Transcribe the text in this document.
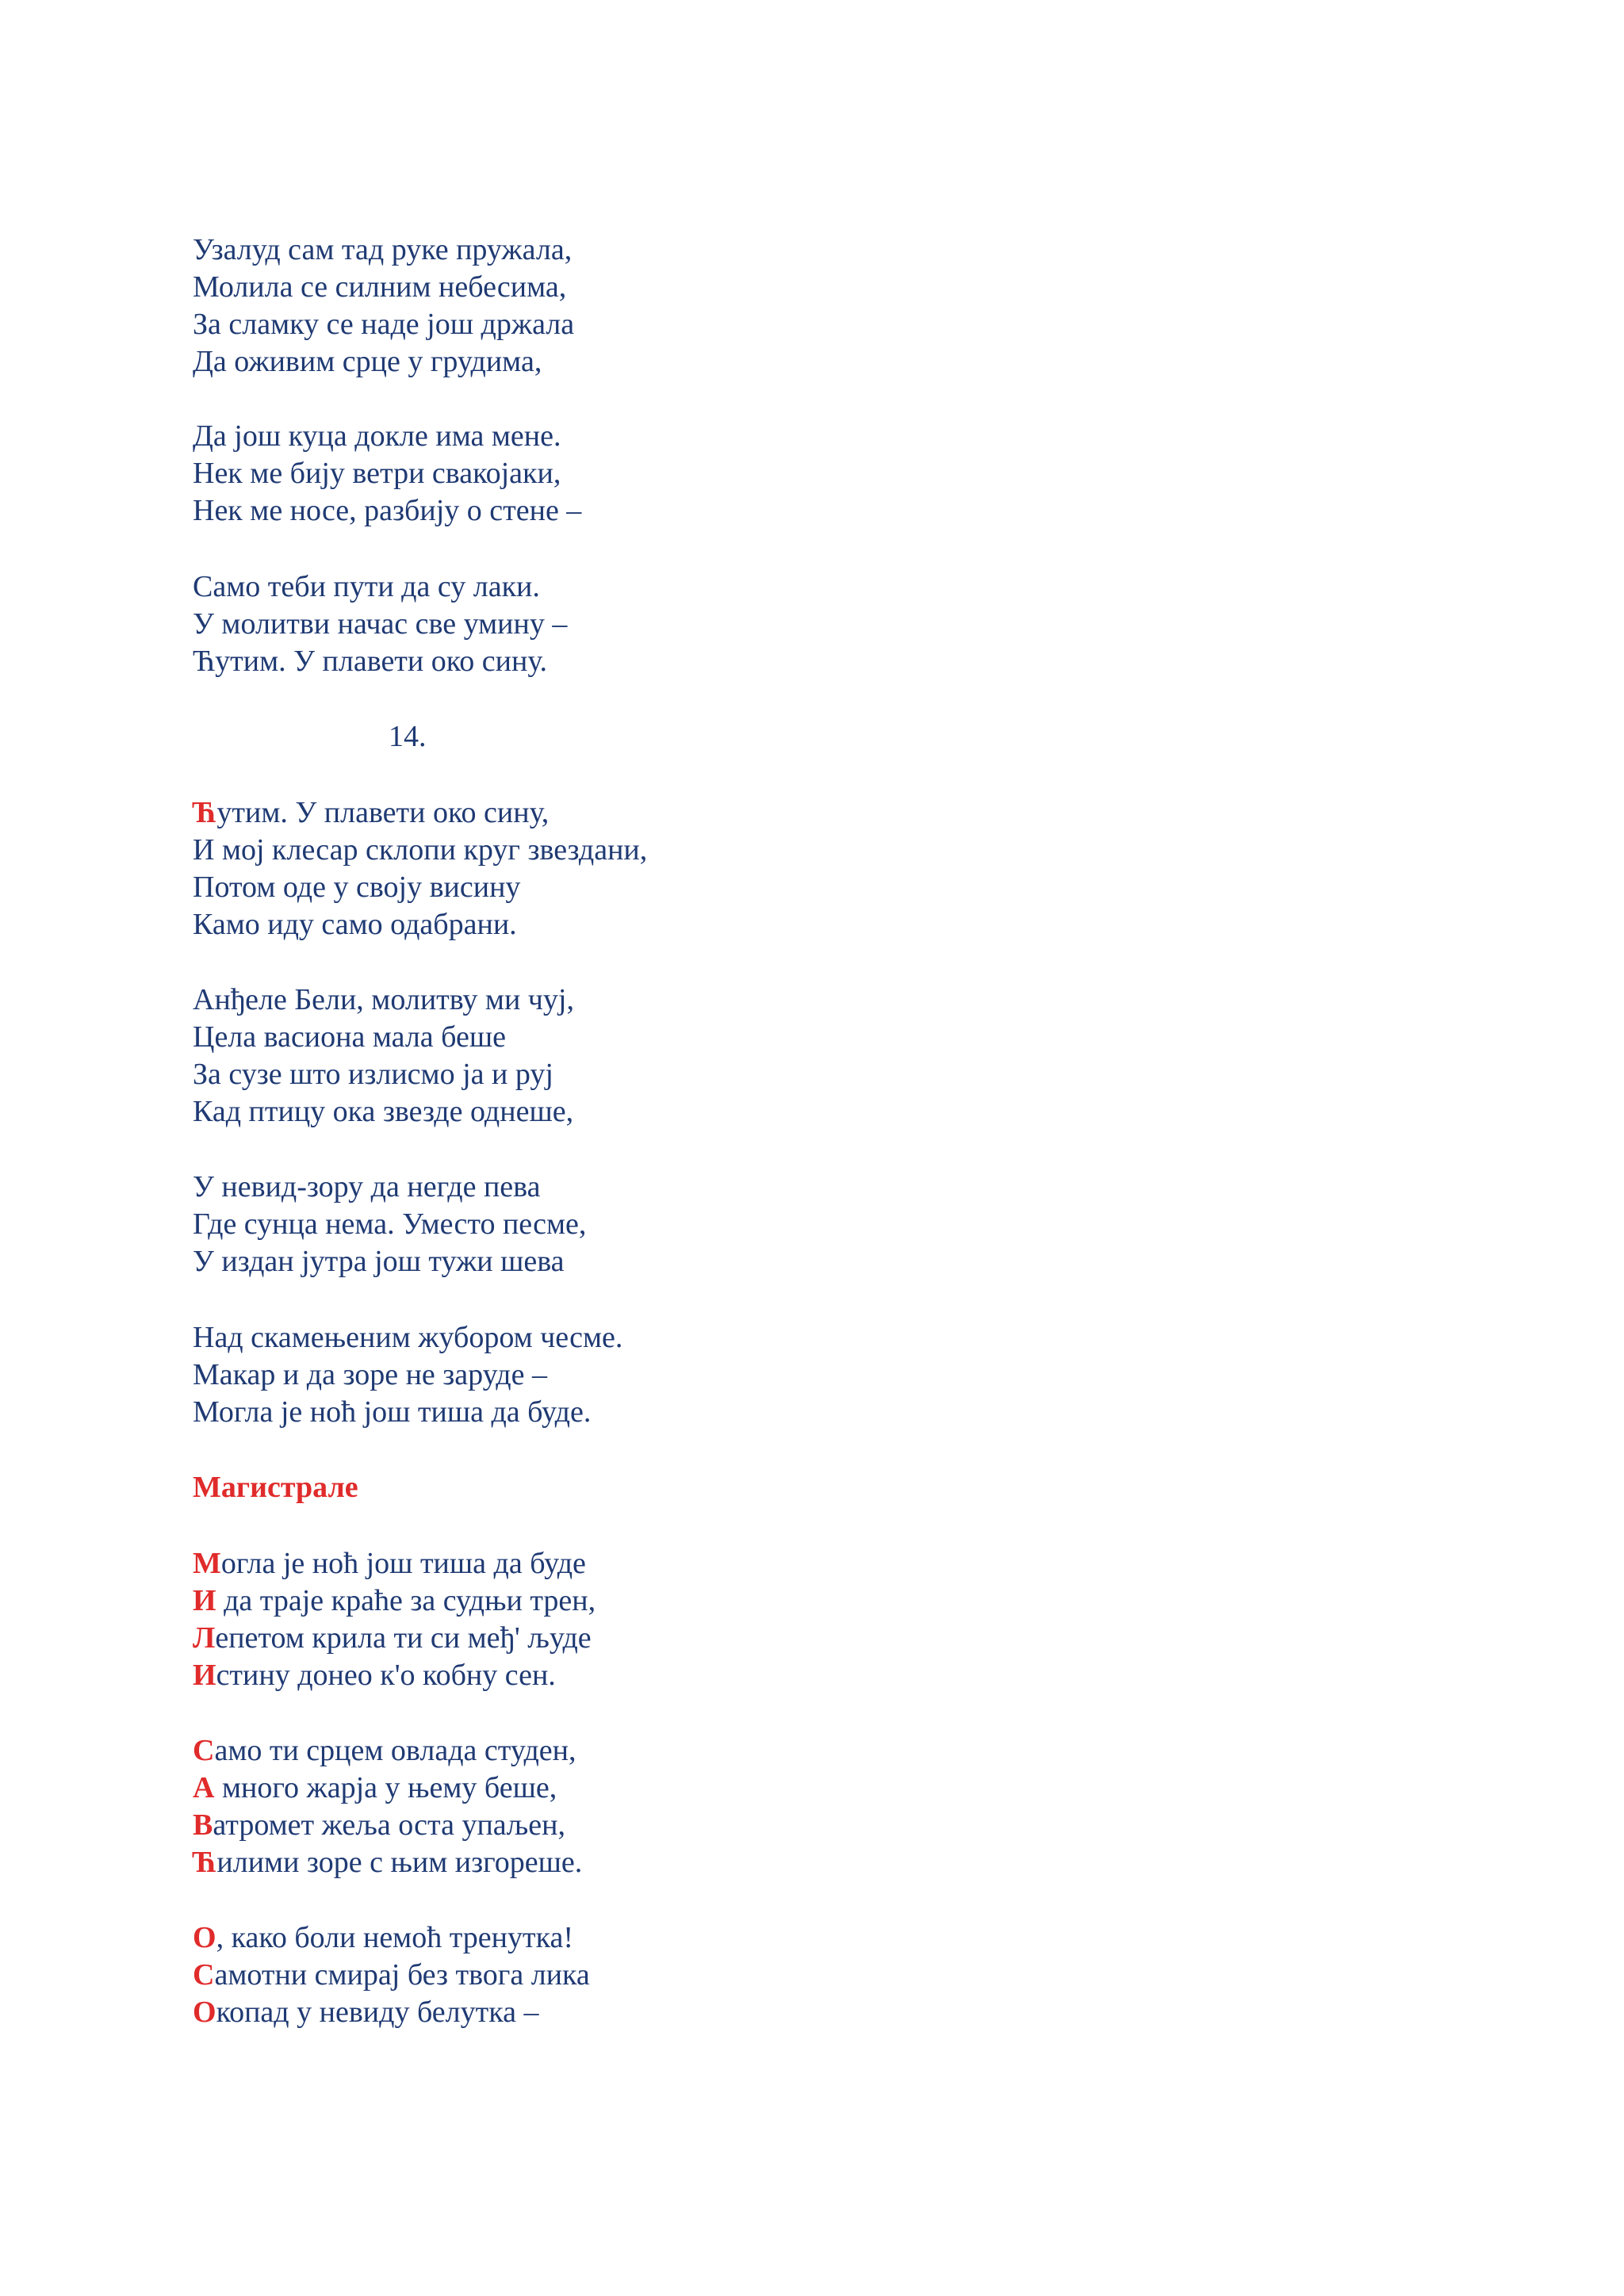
Узалуд сам тад руке пружала,
Молила се силним небесима,
За сламку се наде још држала
Да оживим срце у грудима,
Да још куца докле има мене.
Нек ме бију ветри свакојаки,
Нек ме носе, разбију о стене –
Само теби пути да су лаки.
У молитви начас све умину –
Ћутим. У плавети око сину.
14.
Ћутим. У плавети око сину,
И мој клесар склопи круг звездани,
Потом оде у своју висину
Камо иду само одабрани.
Анђеле Бели, молитву ми чуј,
Цела васиона мала беше
За сузе што излисмо ја и руј
Кад птицу ока звезде однеше,
У невид-зору да негде пева
Где сунца нема. Уместо песме,
У издан јутра још тужи шева
Над скамењеним жубором чесме.
Макар и да зоре не заруде –
Могла је ноћ још тиша да буде.
Магистрале
Могла је ноћ још тиша да буде
И да траје краће за судњи трен,
Лепетом крила ти си међ' људе
Истину донео к'о кобну сен.
Само ти срцем овлада студен,
А много жарја у њему беше,
Ватромет жеља оста упаљен,
Ћилими зоре с њим изгореше.
О, како боли немоћ тренутка!
Самотни смирај без твога лика
Окопад у невиду белутка –
